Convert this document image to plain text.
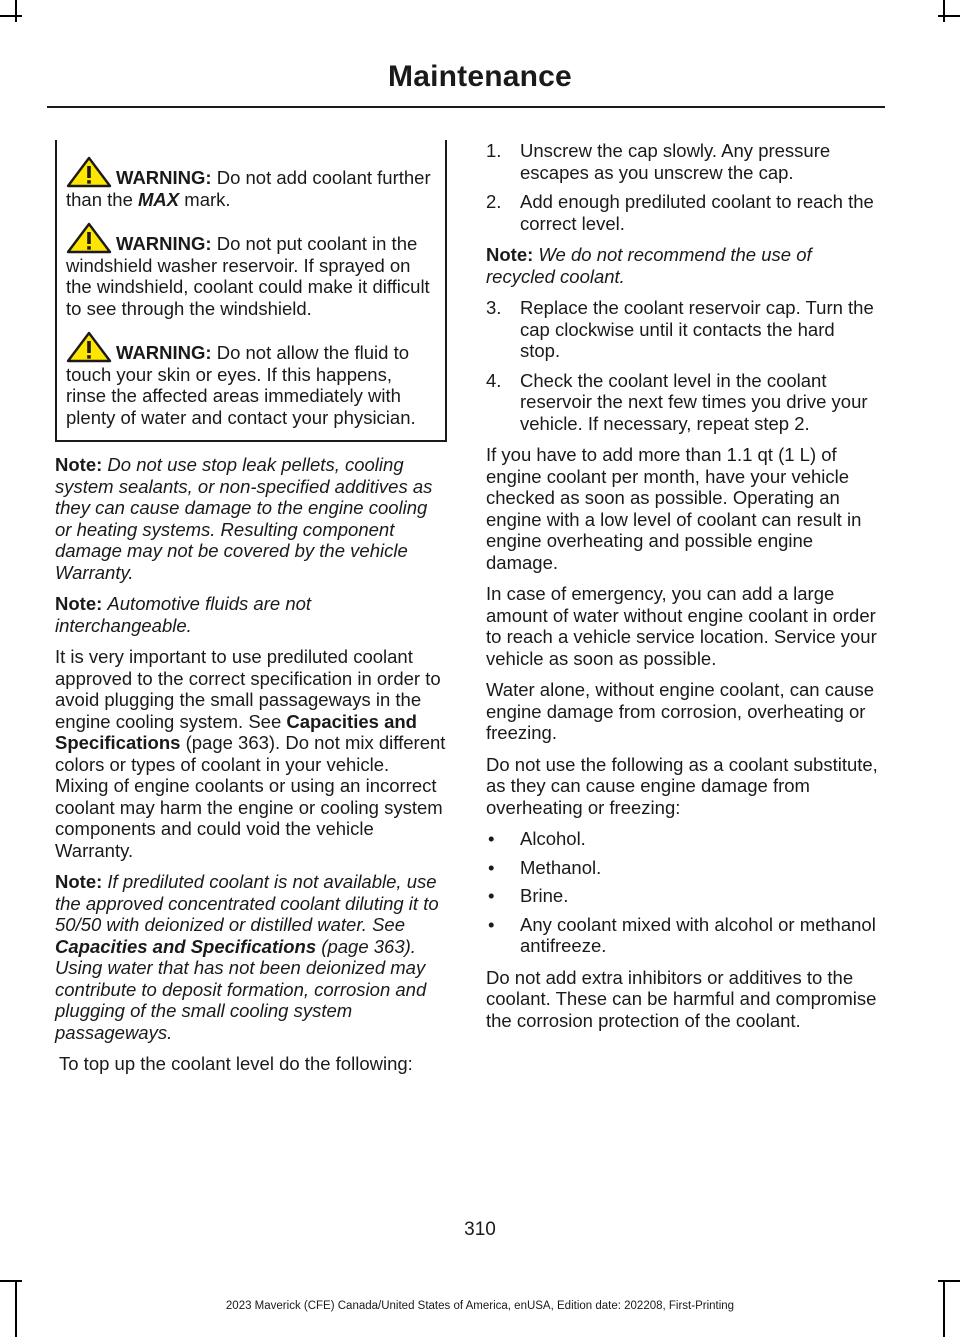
Maintenance
WARNING: Do not add coolant further than the MAX mark.
WARNING: Do not put coolant in the windshield washer reservoir. If sprayed on the windshield, coolant could make it difficult to see through the windshield.
WARNING: Do not allow the fluid to touch your skin or eyes. If this happens, rinse the affected areas immediately with plenty of water and contact your physician.

Note: Do not use stop leak pellets, cooling system sealants, or non-specified additives as they can cause damage to the engine cooling or heating systems. Resulting component damage may not be covered by the vehicle Warranty.

Note: Automotive fluids are not interchangeable.

It is very important to use prediluted coolant approved to the correct specification in order to avoid plugging the small passageways in the engine cooling system. See Capacities and Specifications (page 363). Do not mix different colors or types of coolant in your vehicle. Mixing of engine coolants or using an incorrect coolant may harm the engine or cooling system components and could void the vehicle Warranty.

Note: If prediluted coolant is not available, use the approved concentrated coolant diluting it to 50/50 with deionized or distilled water. See Capacities and Specifications (page 363). Using water that has not been deionized may contribute to deposit formation, corrosion and plugging of the small cooling system passageways.

To top up the coolant level do the following:

1. Unscrew the cap slowly. Any pressure escapes as you unscrew the cap.
2. Add enough prediluted coolant to reach the correct level.

Note: We do not recommend the use of recycled coolant.

3. Replace the coolant reservoir cap. Turn the cap clockwise until it contacts the hard stop.
4. Check the coolant level in the coolant reservoir the next few times you drive your vehicle. If necessary, repeat step 2.

If you have to add more than 1.1 qt (1 L) of engine coolant per month, have your vehicle checked as soon as possible. Operating an engine with a low level of coolant can result in engine overheating and possible engine damage.

In case of emergency, you can add a large amount of water without engine coolant in order to reach a vehicle service location. Service your vehicle as soon as possible.

Water alone, without engine coolant, can cause engine damage from corrosion, overheating or freezing.

Do not use the following as a coolant substitute, as they can cause engine damage from overheating or freezing:

• Alcohol.
• Methanol.
• Brine.
• Any coolant mixed with alcohol or methanol antifreeze.

Do not add extra inhibitors or additives to the coolant. These can be harmful and compromise the corrosion protection of the coolant.

310
2023 Maverick (CFE) Canada/United States of America, enUSA, Edition date: 202208, First-Printing
